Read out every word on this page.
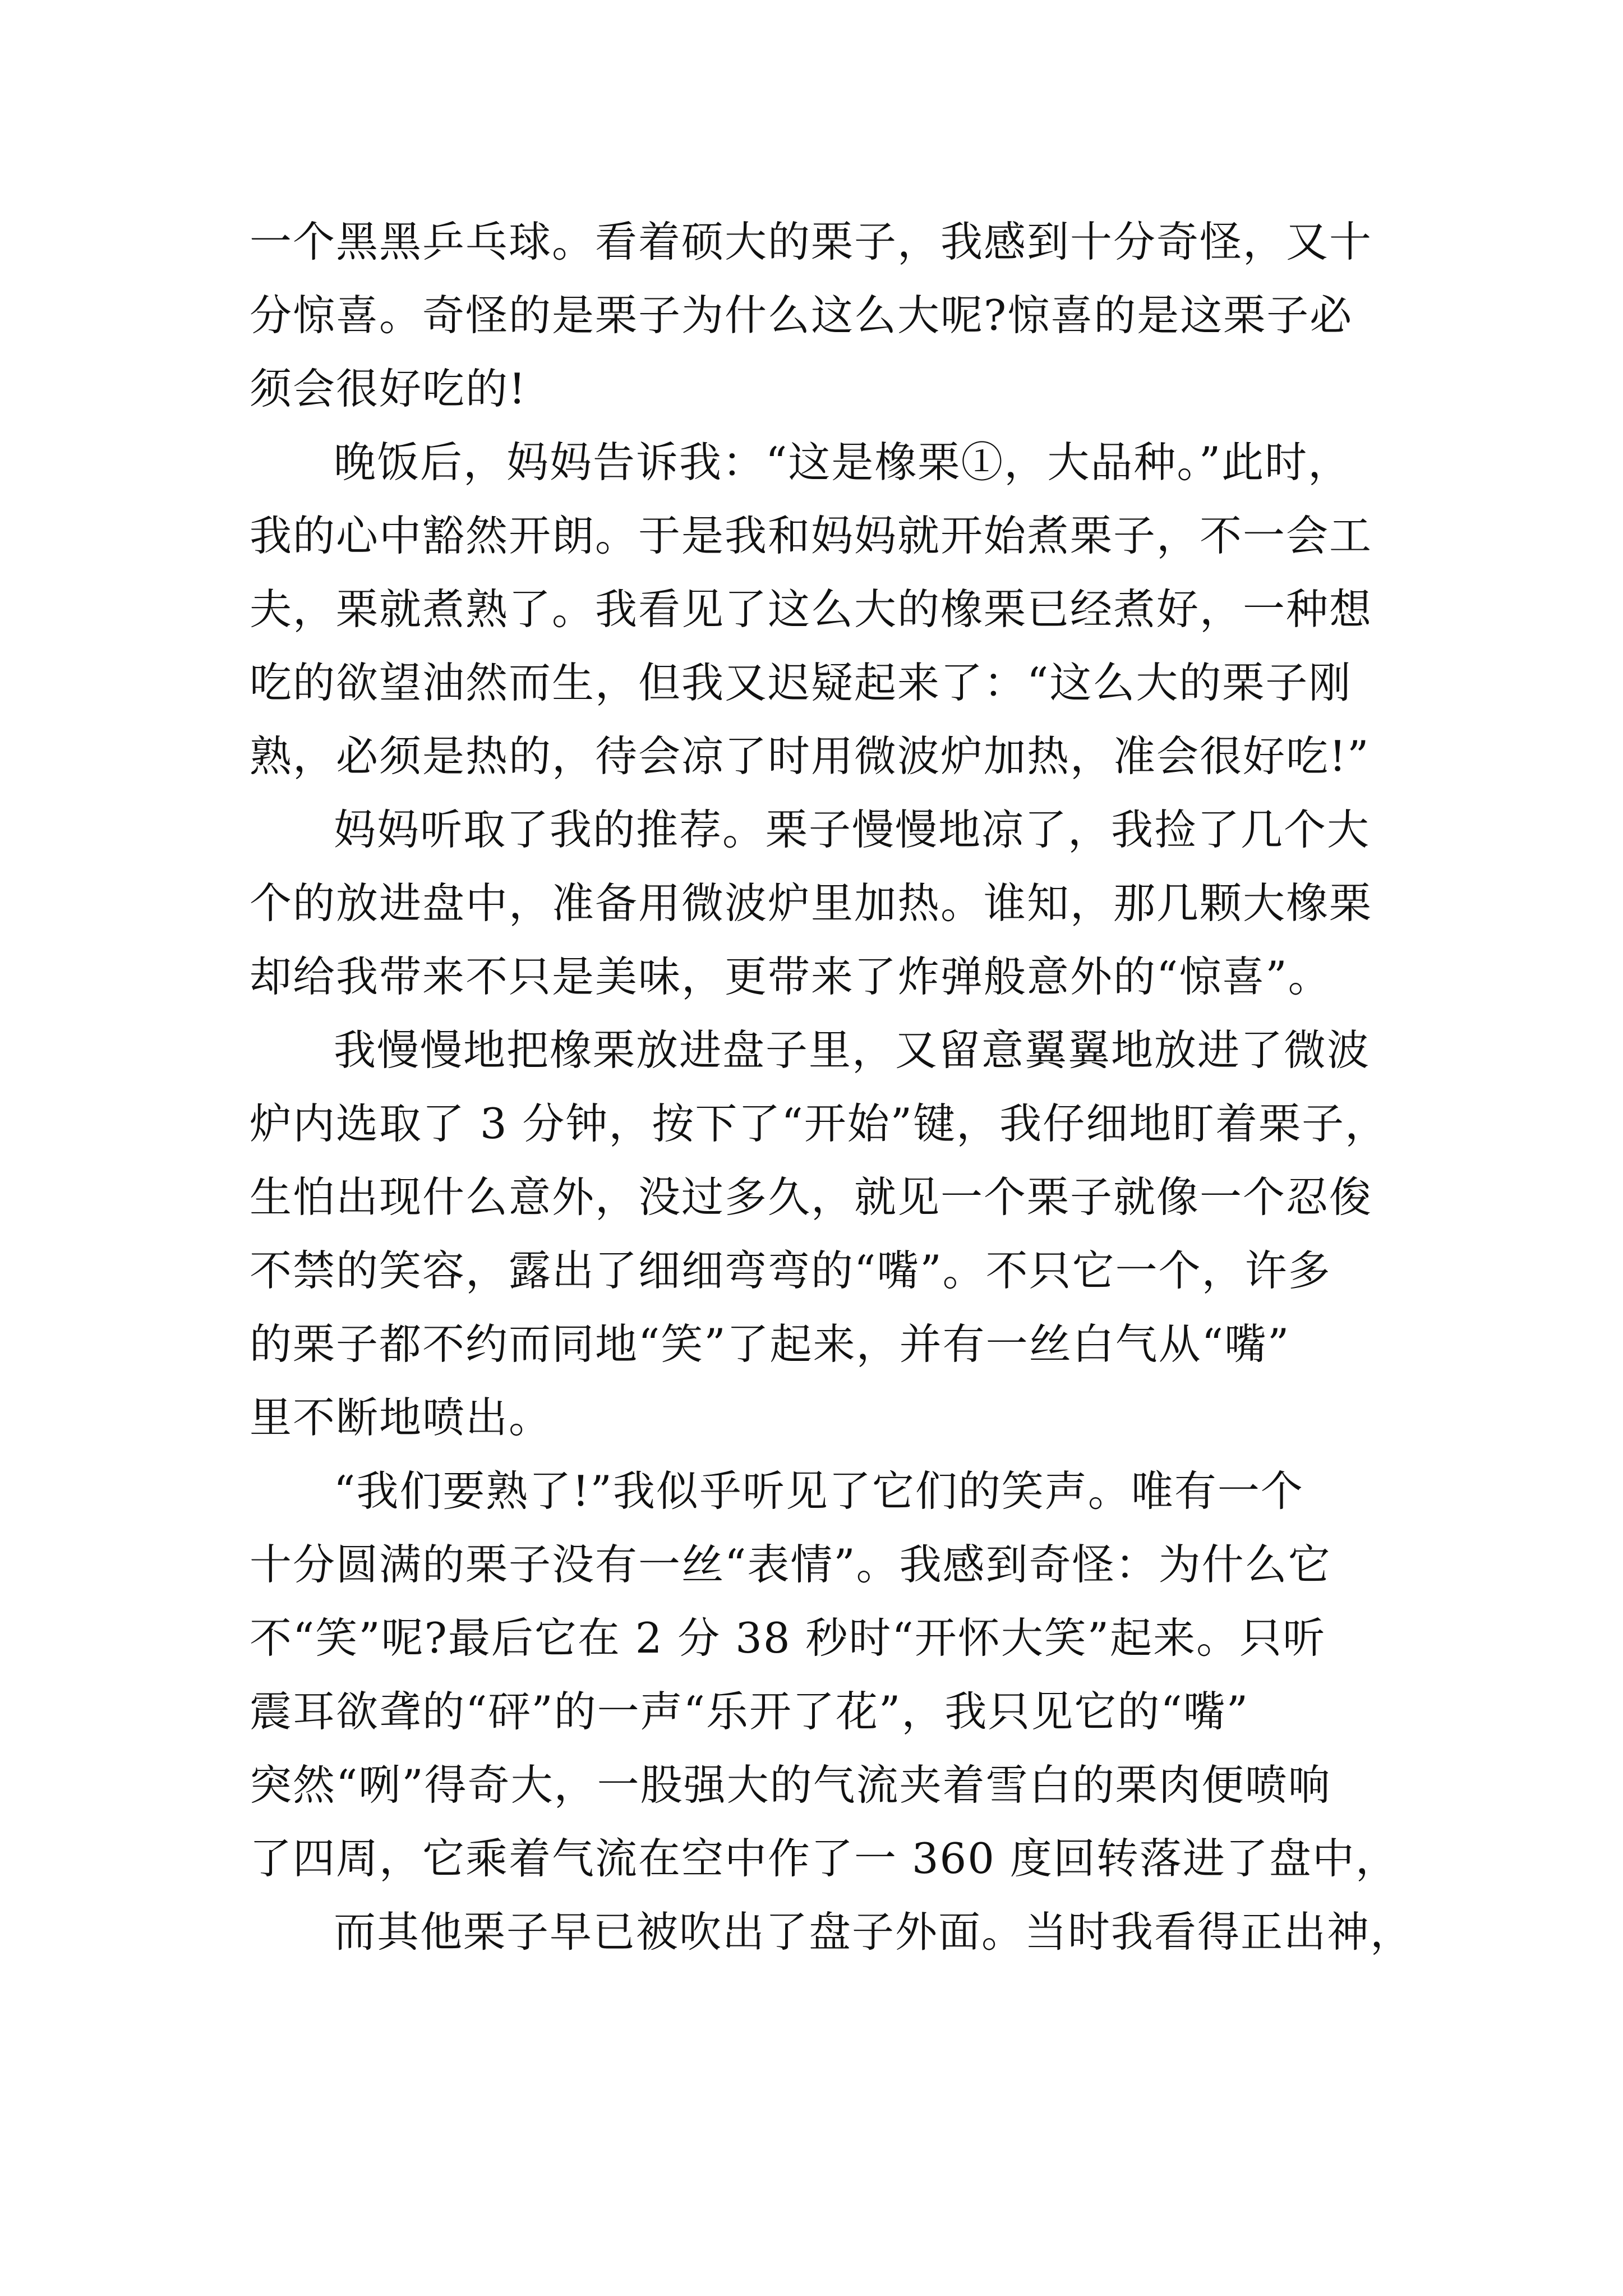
一个黑黑乒乓球。看着硕大的栗子，我感到十分奇怪，又十
分惊喜。奇怪的是栗子为什么这么大呢?惊喜的是这栗子必
须会很好吃的!

晚饭后，妈妈告诉我：“这是橡栗①，大品种。”此时，
我的心中豁然开朗。于是我和妈妈就开始煮栗子，不一会工
夫，栗就煮熟了。我看见了这么大的橡栗已经煮好，一种想
吃的欲望油然而生，但我又迟疑起来了：“这么大的栗子刚
熟，必须是热的，待会凉了时用微波炉加热，准会很好吃!”

妈妈听取了我的推荐。栗子慢慢地凉了，我捡了几个大
个的放进盘中，准备用微波炉里加热。谁知，那几颗大橡栗
却给我带来不只是美味，更带来了炸弹般意外的“惊喜”。

我慢慢地把橡栗放进盘子里，又留意翼翼地放进了微波
炉内选取了 3 分钟，按下了“开始”键，我仔细地盯着栗子，
生怕出现什么意外，没过多久，就见一个栗子就像一个忍俊
不禁的笑容，露出了细细弯弯的“嘴”。不只它一个，许多
的栗子都不约而同地“笑”了起来，并有一丝白气从“嘴”
里不断地喷出。

“我们要熟了!”我似乎听见了它们的笑声。唯有一个
十分圆满的栗子没有一丝“表情”。我感到奇怪：为什么它
不“笑”呢?最后它在 2 分 38 秒时“开怀大笑”起来。只听
震耳欲聋的“砰”的一声“乐开了花”，我只见它的“嘴”
突然“咧”得奇大，一股强大的气流夹着雪白的栗肉便喷响
了四周，它乘着气流在空中作了一 360 度回转落进了盘中，

而其他栗子早已被吹出了盘子外面。当时我看得正出神，
